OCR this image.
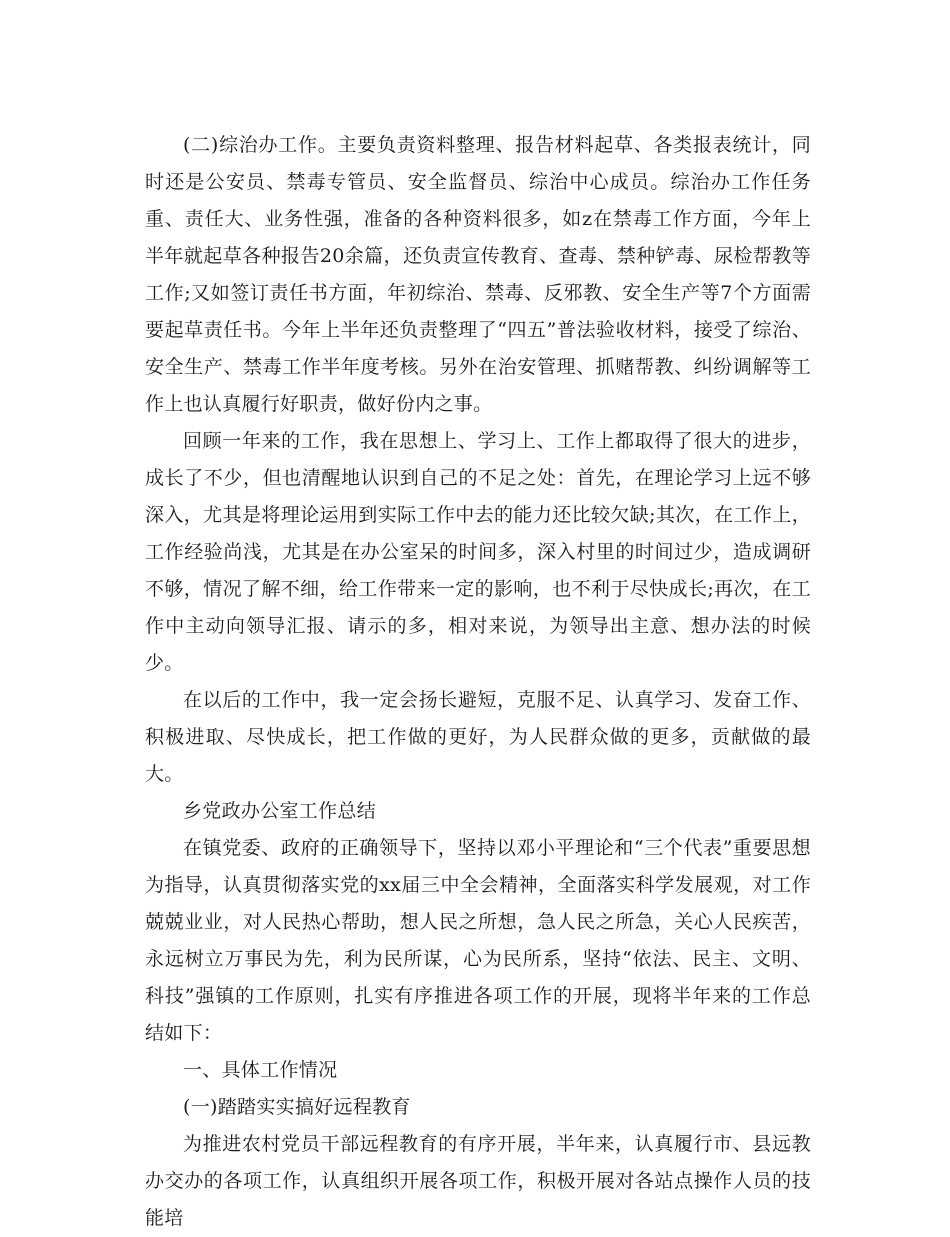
(二)综治办工作。主要负责资料整理、报告材料起草、各类报表统计，同时还是公安员、禁毒专管员、安全监督员、综治中心成员。综治办工作任务重、责任大、业务性强，准备的各种资料很多，如z在禁毒工作方面，今年上半年就起草各种报告20余篇，还负责宣传教育、查毒、禁种铲毒、尿检帮教等工作;又如签订责任书方面，年初综治、禁毒、反邪教、安全生产等7个方面需要起草责任书。今年上半年还负责整理了“四五”普法验收材料，接受了综治、安全生产、禁毒工作半年度考核。另外在治安管理、抓赌帮教、纠纷调解等工作上也认真履行好职责，做好份内之事。

回顾一年来的工作，我在思想上、学习上、工作上都取得了很大的进步，成长了不少，但也清醒地认识到自己的不足之处：首先，在理论学习上远不够深入，尤其是将理论运用到实际工作中去的能力还比较欠缺;其次，在工作上，工作经验尚浅，尤其是在办公室呆的时间多，深入村里的时间过少，造成调研不够，情况了解不细，给工作带来一定的影响，也不利于尽快成长;再次，在工作中主动向领导汇报、请示的多，相对来说，为领导出主意、想办法的时候少。

在以后的工作中，我一定会扬长避短，克服不足、认真学习、发奋工作、积极进取、尽快成长，把工作做的更好，为人民群众做的更多，贡献做的最大。

乡党政办公室工作总结

在镇党委、政府的正确领导下，坚持以邓小平理论和“三个代表”重要思想为指导，认真贯彻落实党的xx届三中全会精神，全面落实科学发展观，对工作兢兢业业，对人民热心帮助，想人民之所想，急人民之所急，关心人民疾苦，永远树立万事民为先，利为民所谋，心为民所系，坚持“依法、民主、文明、科技”强镇的工作原则，扎实有序推进各项工作的开展，现将半年来的工作总结如下：

一、具体工作情况

(一)踏踏实实搞好远程教育

为推进农村党员干部远程教育的有序开展，半年来，认真履行市、县远教办交办的各项工作，认真组织开展各项工作，积极开展对各站点操作人员的技能培
